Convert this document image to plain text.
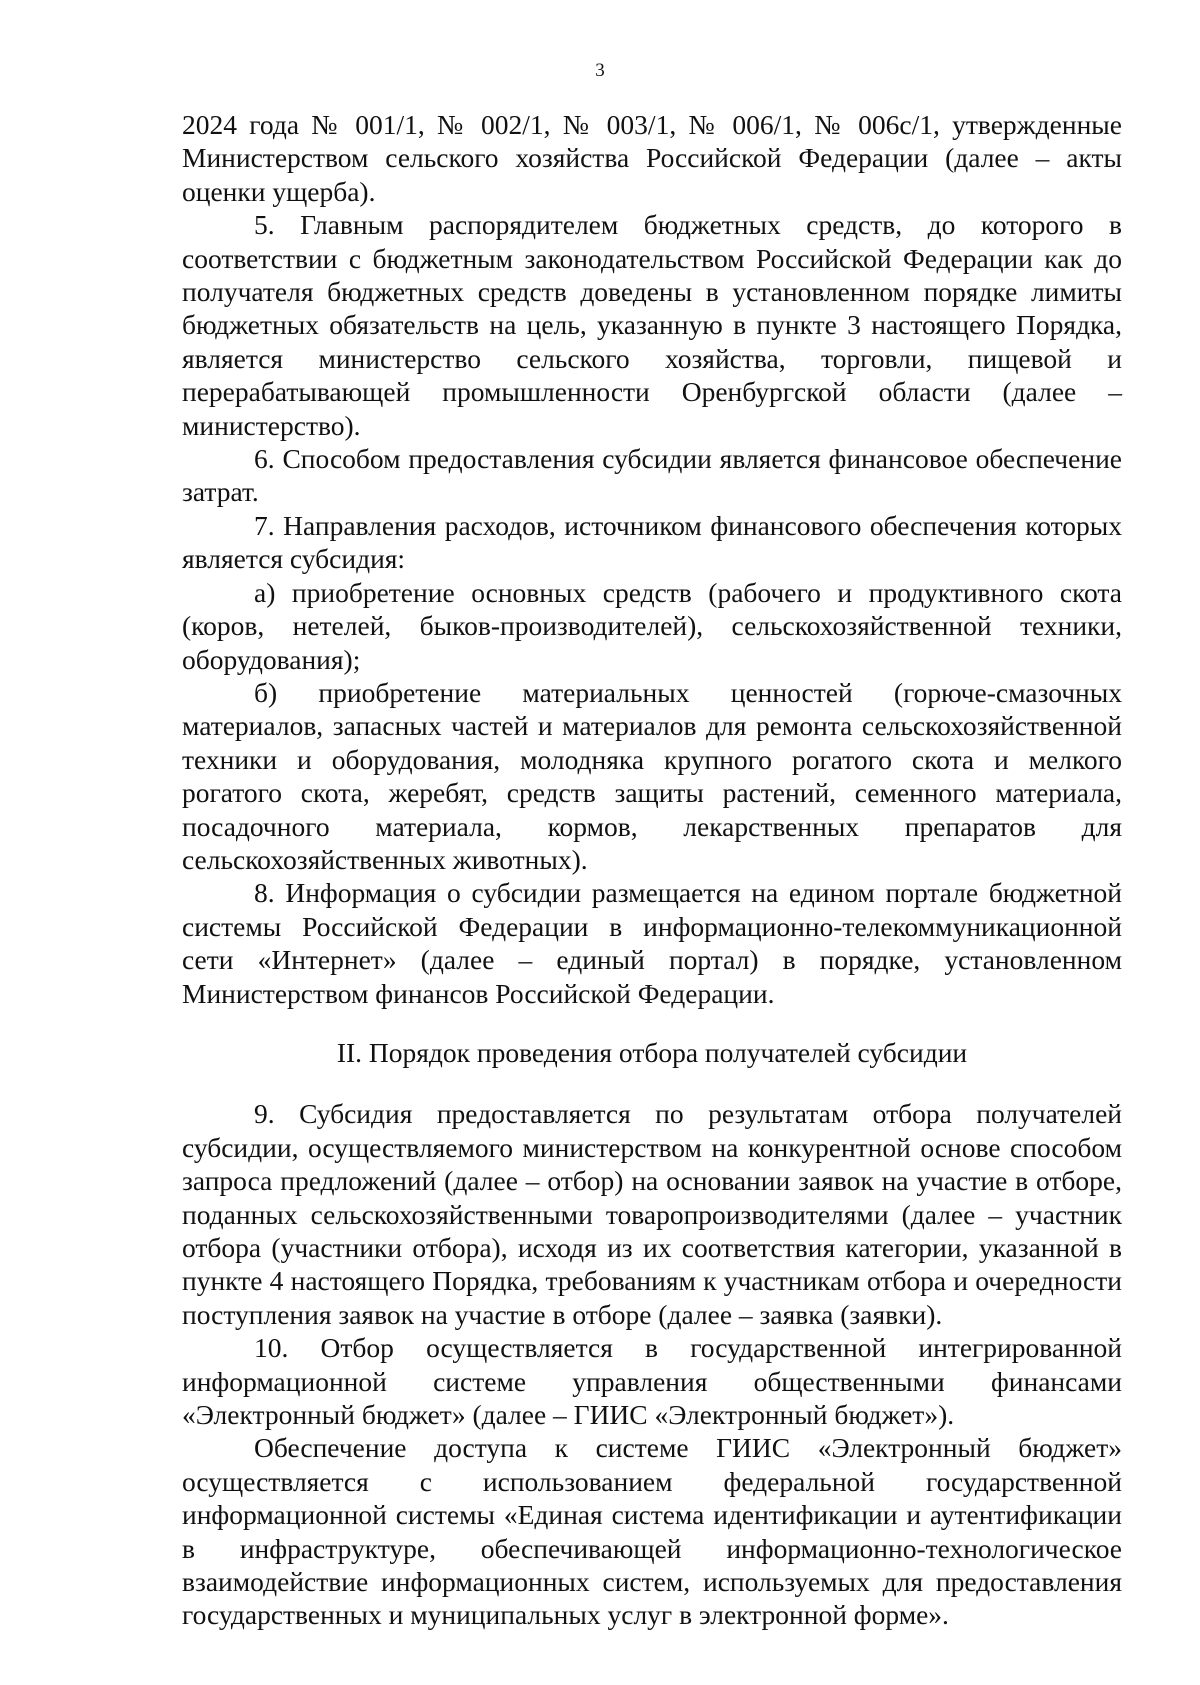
3

2024 года № 001/1, № 002/1, № 003/1, № 006/1, № 006с/1, утвержденные Министерством сельского хозяйства Российской Федерации (далее – акты оценки ущерба).

5. Главным распорядителем бюджетных средств, до которого в соответствии с бюджетным законодательством Российской Федерации как до получателя бюджетных средств доведены в установленном порядке лимиты бюджетных обязательств на цель, указанную в пункте 3 настоящего Порядка, является министерство сельского хозяйства, торговли, пищевой и перерабатывающей промышленности Оренбургской области (далее – министерство).

6. Способом предоставления субсидии является финансовое обеспечение затрат.

7. Направления расходов, источником финансового обеспечения которых является субсидия:

а) приобретение основных средств (рабочего и продуктивного скота (коров, нетелей, быков-производителей), сельскохозяйственной техники, оборудования);

б) приобретение материальных ценностей (горюче-смазочных материалов, запасных частей и материалов для ремонта сельскохозяйственной техники и оборудования, молодняка крупного рогатого скота и мелкого рогатого скота, жеребят, средств защиты растений, семенного материала, посадочного материала, кормов, лекарственных препаратов для сельскохозяйственных животных).

8. Информация о субсидии размещается на едином портале бюджетной системы Российской Федерации в информационно-телекоммуникационной сети «Интернет» (далее – единый портал) в порядке, установленном Министерством финансов Российской Федерации.

II. Порядок проведения отбора получателей субсидии

9. Субсидия предоставляется по результатам отбора получателей субсидии, осуществляемого министерством на конкурентной основе способом запроса предложений (далее – отбор) на основании заявок на участие в отборе, поданных сельскохозяйственными товаропроизводителями (далее – участник отбора (участники отбора), исходя из их соответствия категории, указанной в пункте 4 настоящего Порядка, требованиям к участникам отбора и очередности поступления заявок на участие в отборе (далее – заявка (заявки).

10. Отбор осуществляется в государственной интегрированной информационной системе управления общественными финансами «Электронный бюджет» (далее – ГИИС «Электронный бюджет»).

Обеспечение доступа к системе ГИИС «Электронный бюджет» осуществляется с использованием федеральной государственной информационной системы «Единая система идентификации и аутентификации в инфраструктуре, обеспечивающей информационно-технологическое взаимодействие информационных систем, используемых для предоставления государственных и муниципальных услуг в электронной форме».
